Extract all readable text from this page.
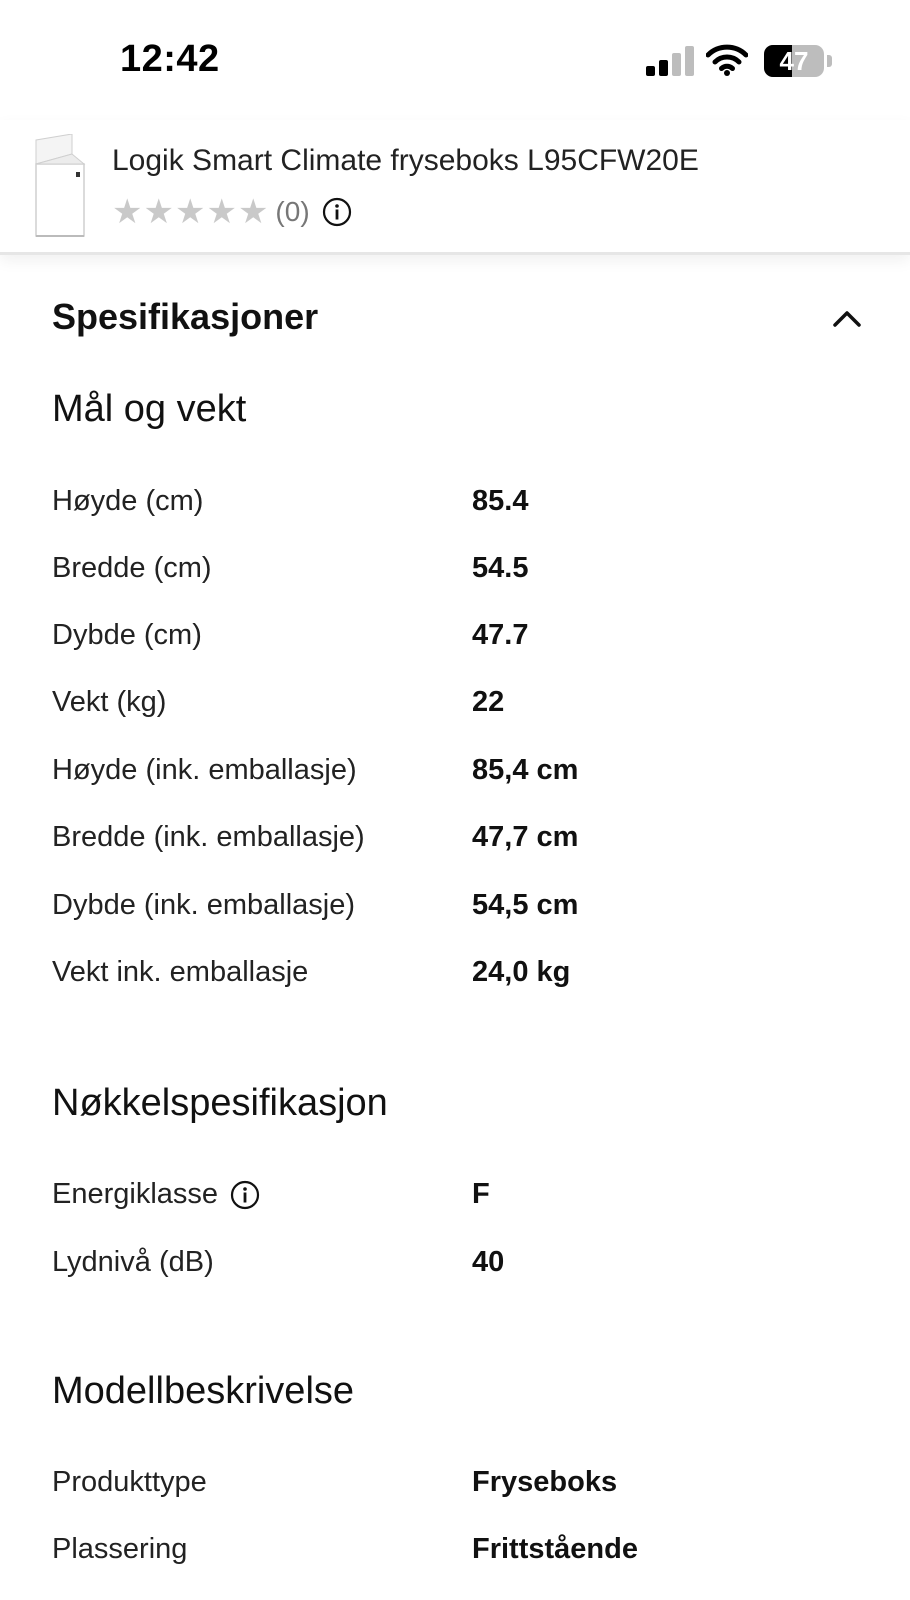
12:42	47
Logik Smart Climate fryseboks L95CFW20E
★ ★ ★ ★ ★ (0)
Spesifikasjoner
Mål og vekt
Høyde (cm)	85.4
Bredde (cm)	54.5
Dybde (cm)	47.7
Vekt (kg)	22
Høyde (ink. emballasje)	85,4 cm
Bredde (ink. emballasje)	47,7 cm
Dybde (ink. emballasje)	54,5 cm
Vekt ink. emballasje	24,0 kg
Nøkkelspesifikasjon
Energiklasse	F
Lydnivå (dB)	40
Modellbeskrivelse
Produkttype	Fryseboks
Plassering	Frittstående
